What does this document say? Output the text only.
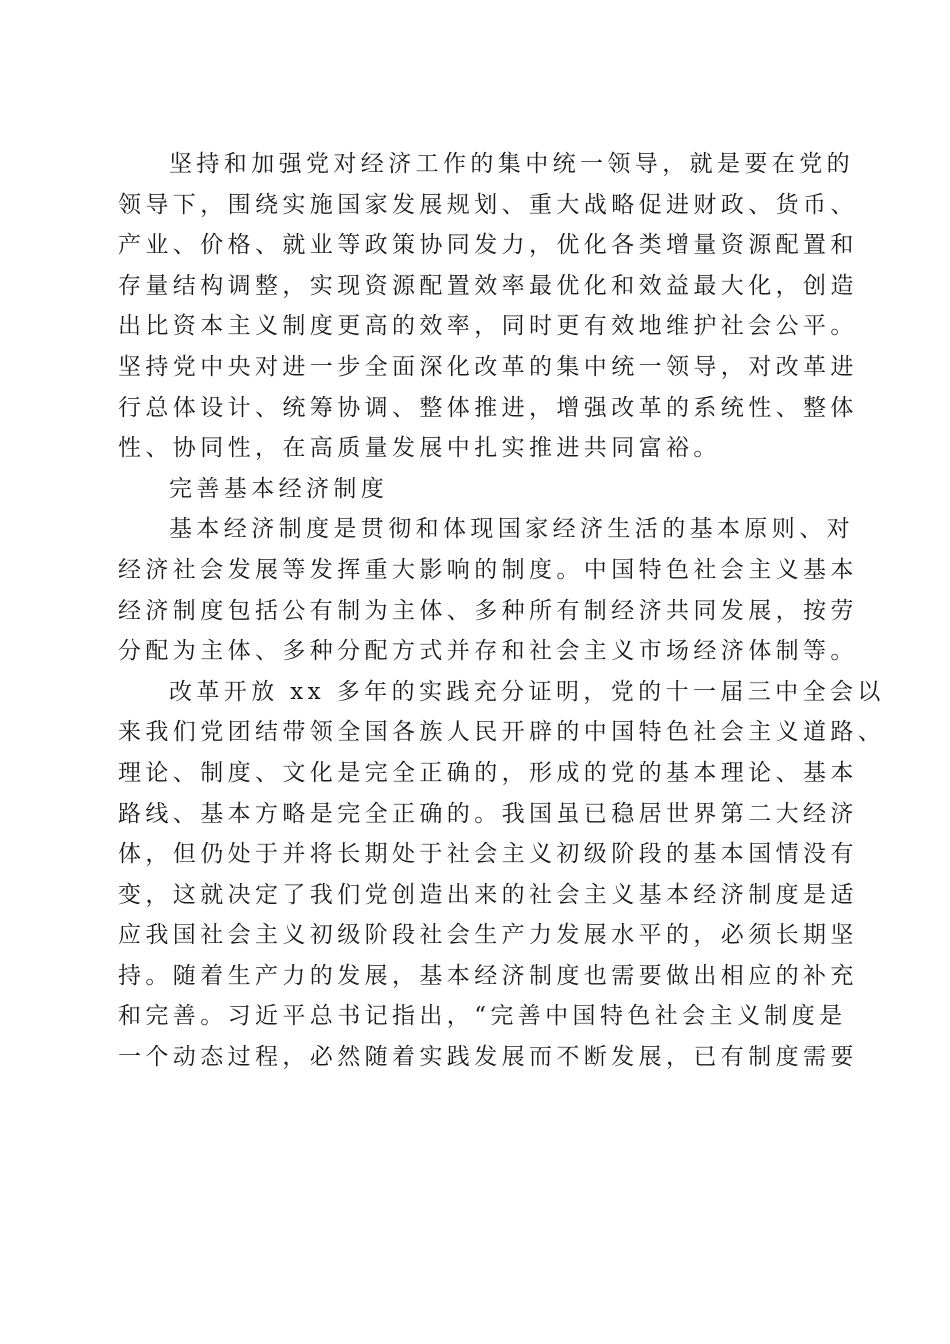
坚持和加强党对经济工作的集中统一领导，就是要在党的
领导下，围绕实施国家发展规划、重大战略促进财政、货币、
产业、价格、就业等政策协同发力，优化各类增量资源配置和
存量结构调整，实现资源配置效率最优化和效益最大化，创造
出比资本主义制度更高的效率，同时更有效地维护社会公平。
坚持党中央对进一步全面深化改革的集中统一领导，对改革进
行总体设计、统筹协调、整体推进，增强改革的系统性、整体
性、协同性，在高质量发展中扎实推进共同富裕。
完善基本经济制度
基本经济制度是贯彻和体现国家经济生活的基本原则、对
经济社会发展等发挥重大影响的制度。中国特色社会主义基本
经济制度包括公有制为主体、多种所有制经济共同发展，按劳
分配为主体、多种分配方式并存和社会主义市场经济体制等。
改革开放 xx 多年的实践充分证明，党的十一届三中全会以
来我们党团结带领全国各族人民开辟的中国特色社会主义道路、
理论、制度、文化是完全正确的，形成的党的基本理论、基本
路线、基本方略是完全正确的。我国虽已稳居世界第二大经济
体，但仍处于并将长期处于社会主义初级阶段的基本国情没有
变，这就决定了我们党创造出来的社会主义基本经济制度是适
应我国社会主义初级阶段社会生产力发展水平的，必须长期坚
持。随着生产力的发展，基本经济制度也需要做出相应的补充
和完善。习近平总书记指出，“完善中国特色社会主义制度是
一个动态过程，必然随着实践发展而不断发展，已有制度需要
